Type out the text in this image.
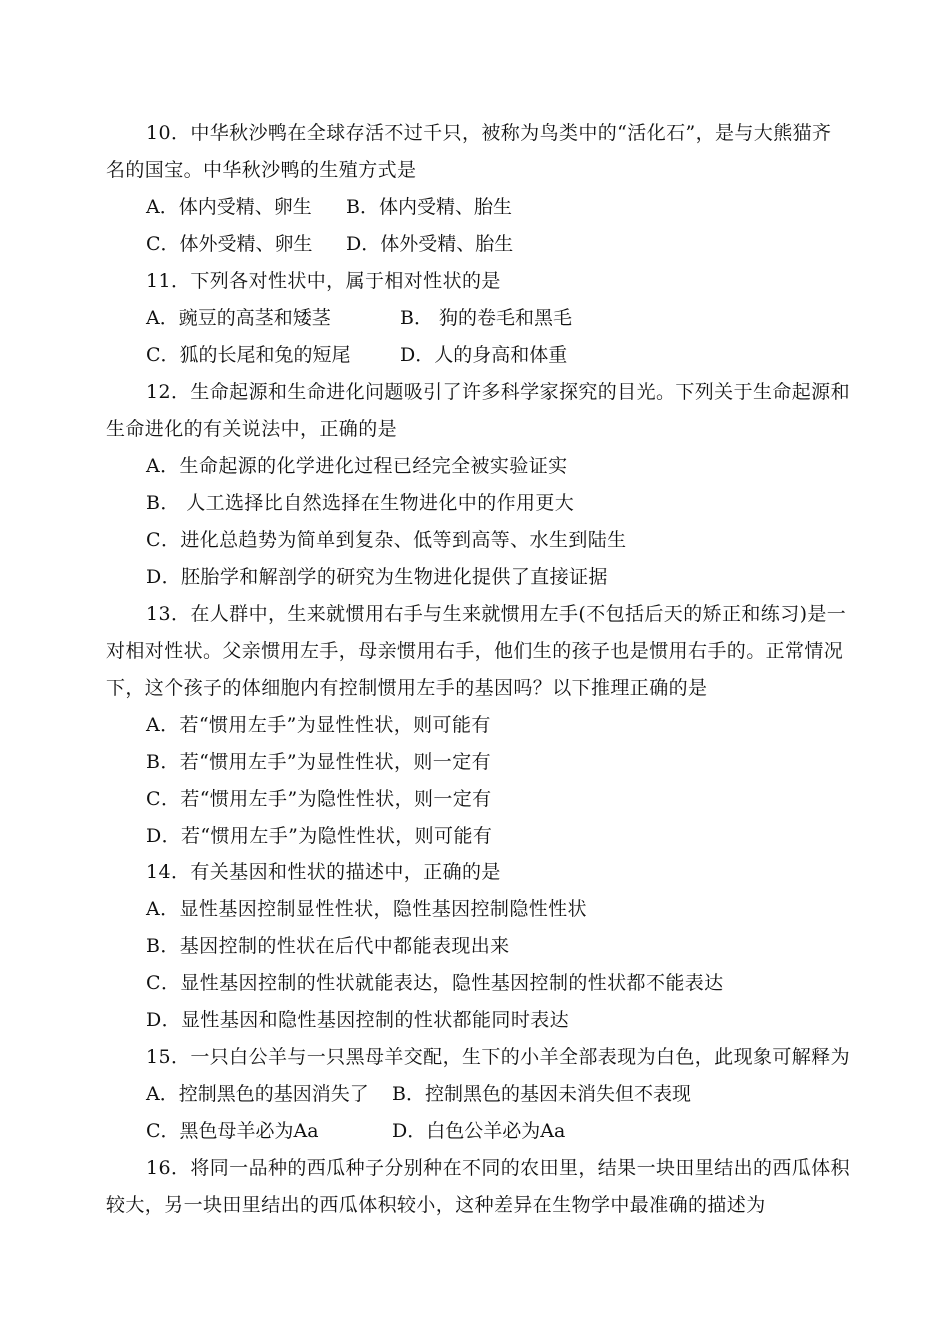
10．中华秋沙鸭在全球存活不过千只，被称为鸟类中的“活化石”，是与大熊猫齐
名的国宝。中华秋沙鸭的生殖方式是
A．体内受精、卵生	B．体内受精、胎生
C．体外受精、卵生	D．体外受精、胎生
11．下列各对性状中，属于相对性状的是
A．豌豆的高茎和矮茎	B． 狗的卷毛和黑毛
C．狐的长尾和兔的短尾	D．人的身高和体重
12．生命起源和生命进化问题吸引了许多科学家探究的目光。下列关于生命起源和
生命进化的有关说法中，正确的是
A．生命起源的化学进化过程已经完全被实验证实
B． 人工选择比自然选择在生物进化中的作用更大
C．进化总趋势为简单到复杂、低等到高等、水生到陆生
D．胚胎学和解剖学的研究为生物进化提供了直接证据
13．在人群中，生来就惯用右手与生来就惯用左手(不包括后天的矫正和练习)是一
对相对性状。父亲惯用左手，母亲惯用右手，他们生的孩子也是惯用右手的。正常情况
下，这个孩子的体细胞内有控制惯用左手的基因吗？以下推理正确的是
A．若“惯用左手”为显性性状，则可能有
B．若“惯用左手”为显性性状，则一定有
C．若“惯用左手”为隐性性状，则一定有
D．若“惯用左手”为隐性性状，则可能有
14．有关基因和性状的描述中，正确的是
A．显性基因控制显性性状，隐性基因控制隐性性状
B．基因控制的性状在后代中都能表现出来
C．显性基因控制的性状就能表达，隐性基因控制的性状都不能表达
D．显性基因和隐性基因控制的性状都能同时表达
15．一只白公羊与一只黑母羊交配，生下的小羊全部表现为白色，此现象可解释为
A．控制黑色的基因消失了	B．控制黑色的基因未消失但不表现
C．黑色母羊必为Aa	D．白色公羊必为Aa
16．将同一品种的西瓜种子分别种在不同的农田里，结果一块田里结出的西瓜体积
较大，另一块田里结出的西瓜体积较小，这种差异在生物学中最准确的描述为
